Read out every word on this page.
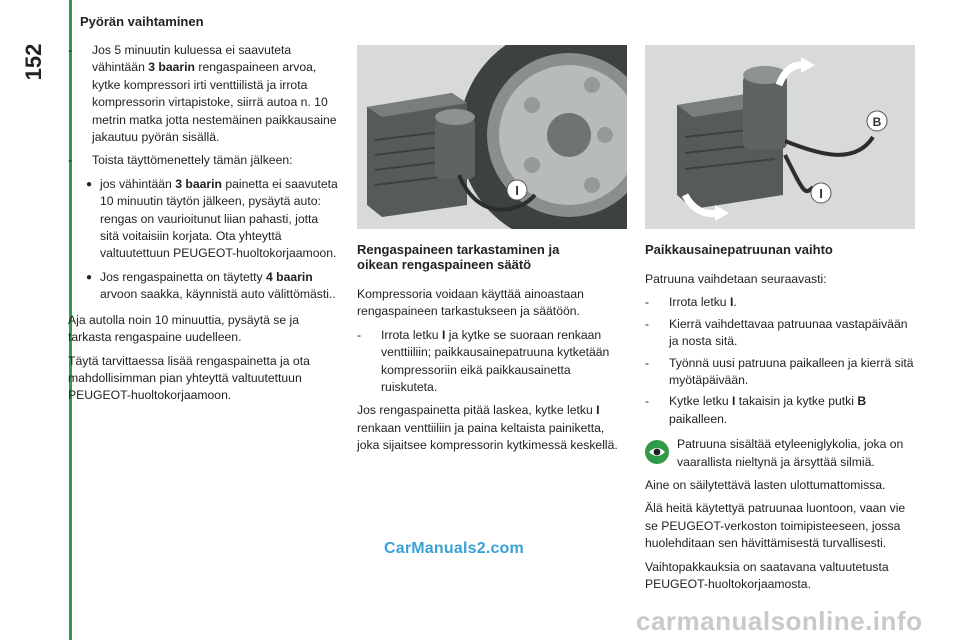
152
Pyörän vaihtaminen
-	Jos 5 minuutin kuluessa ei saavuteta vähintään 3 baarin rengaspaineen arvoa, kytke kompressori irti venttiilistä ja irrota kompressorin virtapistoke, siirrä autoa n. 10 metrin matka jotta nestemäinen paikkausaine jakautuu pyörän sisällä.
-	Toista täyttömenettely tämän jälkeen:
● jos vähintään 3 baarin painetta ei saavuteta 10 minuutin täytön jälkeen, pysäytä auto: rengas on vaurioitunut liian pahasti, jotta sitä voitaisiin korjata. Ota yhteyttä valtuutettuun PEUGEOT-huoltokorjaamoon.
● Jos rengaspainetta on täytetty 4 baarin arvoon saakka, käynnistä auto välittömästi..

Aja autolla noin 10 minuuttia, pysäytä se ja tarkasta rengaspaine uudelleen.

Täytä tarvittaessa lisää rengaspainetta ja ota mahdollisimman pian yhteyttä valtuutettuun PEUGEOT-huoltokorjaamoon.

I
Rengaspaineen tarkastaminen ja oikean rengaspaineen säätö

Kompressoria voidaan käyttää ainoastaan rengaspaineen tarkastukseen ja säätöön.

-	Irrota letku I ja kytke se suoraan renkaan venttiiliin; paikkausainepatruuna kytketään kompressoriin eikä paikkausainetta ruiskuteta.

Jos rengaspainetta pitää laskea, kytke letku I renkaan venttiiliin ja paina keltaista painiketta, joka sijaitsee kompressorin kytkimessä keskellä.

B
I
Paikkausainepatruunan vaihto

Patruuna vaihdetaan seuraavasti:

-	Irrota letku I.
-	Kierrä vaihdettavaa patruunaa vastapäivään ja nosta sitä.
-	Työnnä uusi patruuna paikalleen ja kierrä sitä myötäpäivään.
-	Kytke letku I takaisin ja kytke putki B paikalleen.
Patruuna sisältää etyleeniglykolia, joka on vaarallista nieltynä ja ärsyttää silmiä.

Aine on säilytettävä lasten ulottumattomissa.

Älä heitä käytettyä patruunaa luontoon, vaan vie se PEUGEOT-verkoston toimipisteeseen, jossa huolehditaan sen hävittämisestä turvallisesti.

Vaihtopakkauksia on saatavana valtuutetusta PEUGEOT-huoltokorjaamosta.

CarManuals2.com
carmanualsonline.info
